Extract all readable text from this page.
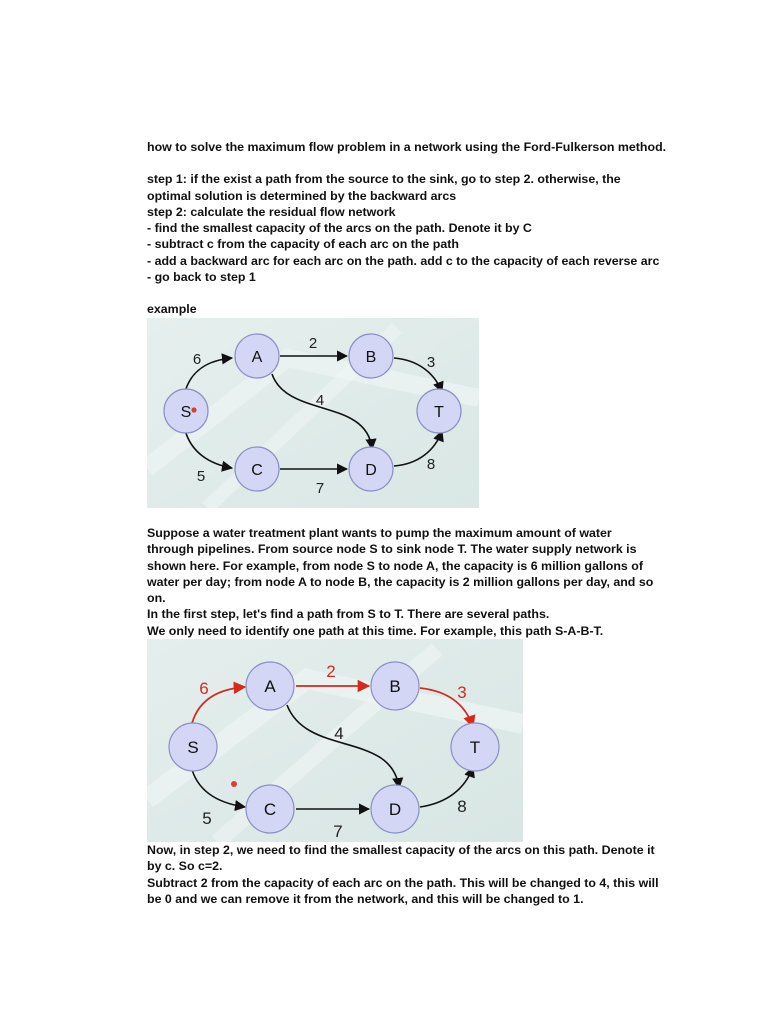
how to solve the maximum flow problem in a network using the Ford-Fulkerson method.

step 1: if the exist a path from the source to the sink, go to step 2. otherwise, the

optimal solution is determined by the backward arcs

step 2: calculate the residual flow network

- find the smallest capacity of the arcs on the path. Denote it by C

- subtract c from the capacity of each arc on the path

- add a backward arc for each arc on the path. add c to the capacity of each reverse arc

- go back to step 1

example

6
2
3
4
5
7
8
S
A	B
T
C	D

Suppose a water treatment plant wants to pump the maximum amount of water

through pipelines. From source node S to sink node T. The water supply network is

shown here. For example, from node S to node A, the capacity is 6 million gallons of

water per day; from node A to node B, the capacity is 2 million gallons per day, and so

on.

In the first step, let's find a path from S to T. There are several paths.

We only need to identify one path at this time. For example, this path S-A-B-T.

6
2
3
4
5
7
8
S
A	B
T
C	D

Now, in step 2, we need to find the smallest capacity of the arcs on this path. Denote it

by c. So c=2.

Subtract 2 from the capacity of each arc on the path. This will be changed to 4, this will

be 0 and we can remove it from the network, and this will be changed to 1.
